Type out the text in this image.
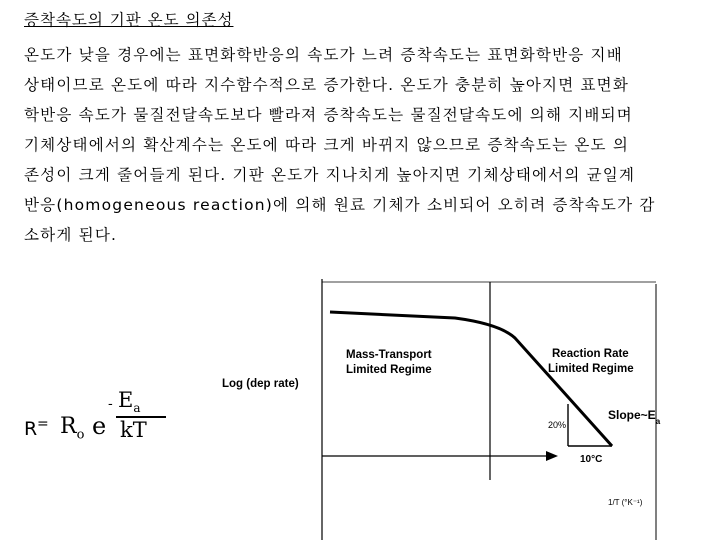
증착속도의 기판 온도 의존성
온도가 낮을 경우에는 표면화학반응의 속도가 느려 증착속도는 표면화학반응 지배
상태이므로 온도에 따라 지수함수적으로 증가한다. 온도가 충분히 높아지면 표면화
학반응 속도가 물질전달속도보다 빨라져 증착속도는 물질전달속도에 의해 지배되며
기체상태에서의 확산계수는 온도에 따라 크게 바뀌지 않으므로 증착속도는 온도 의
존성이 크게 줄어들게 된다. 기판 온도가 지나치게 높아지면 기체상태에서의 균일계
반응(homogeneous reaction)에 의해 원료 기체가 소비되어 오히려 증착속도가 감
소하게 된다.
Mass-Transport
Limited Regime
Reaction Rate
Limited Regime
Log (dep rate)
$Slope\sim E_a$
20%
10°C
1/T (°K⁻¹)
$R = R_o$ e
- $E_a$
kT
